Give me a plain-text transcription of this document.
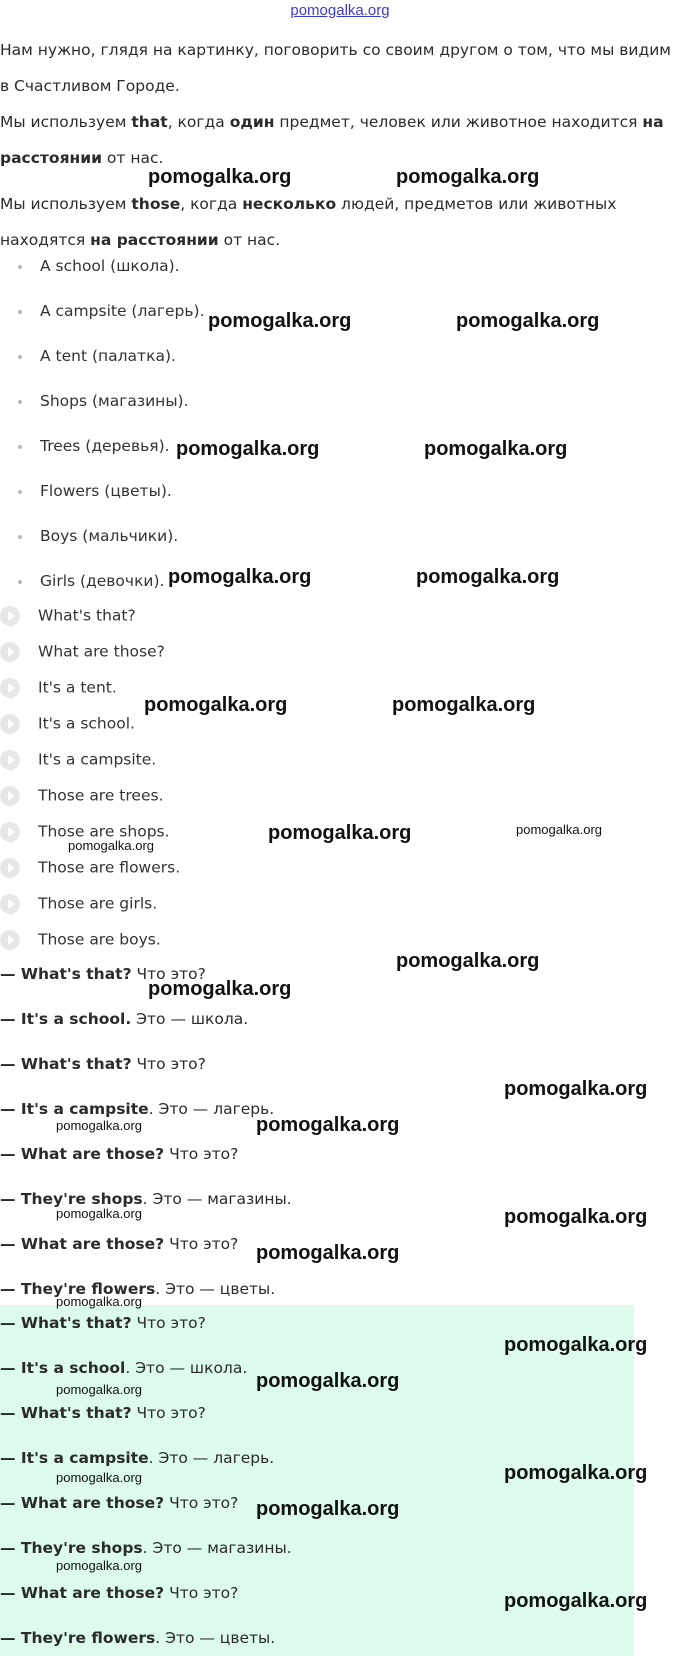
pomogalka.org
Нам нужно, глядя на картинку, поговорить со своим другом о том, что мы видим в Счастливом Городе.
Мы используем that, когда один предмет, человек или животное находится на расстоянии от нас.
Мы используем those, когда несколько людей, предметов или животных находятся на расстоянии от нас.
A school (школа).
A campsite (лагерь).
A tent (палатка).
Shops (магазины).
Trees (деревья).
Flowers (цветы).
Boys (мальчики).
Girls (девочки).
What's that?
What are those?
It's a tent.
It's a school.
It's a campsite.
Those are trees.
Those are shops.
Those are flowers.
Those are girls.
Those are boys.
— What's that? Что это?
— It's a school. Это — школа.
— What's that? Что это?
— It's a campsite. Это — лагерь.
— What are those? Что это?
— They're shops. Это — магазины.
— What are those? Что это?
— They're flowers. Это — цветы.
— What's that? Что это?
— It's a school. Это — школа.
— What's that? Что это?
— It's a campsite. Это — лагерь.
— What are those? Что это?
— They're shops. Это — магазины.
— What are those? Что это?
— They're flowers. Это — цветы.
pomogalka.org	pomogalka.org
pomogalka.org	pomogalka.org
pomogalka.org	pomogalka.org
pomogalka.org	pomogalka.org
pomogalka.org	pomogalka.org
pomogalka.org
pomogalka.org	pomogalka.org
pomogalka.org
pomogalka.org
pomogalka.org
pomogalka.org	pomogalka.org
pomogalka.org	pomogalka.org
pomogalka.org
pomogalka.org
pomogalka.org
pomogalka.org
pomogalka.org
pomogalka.org	pomogalka.org
pomogalka.org
pomogalka.org
pomogalka.org
